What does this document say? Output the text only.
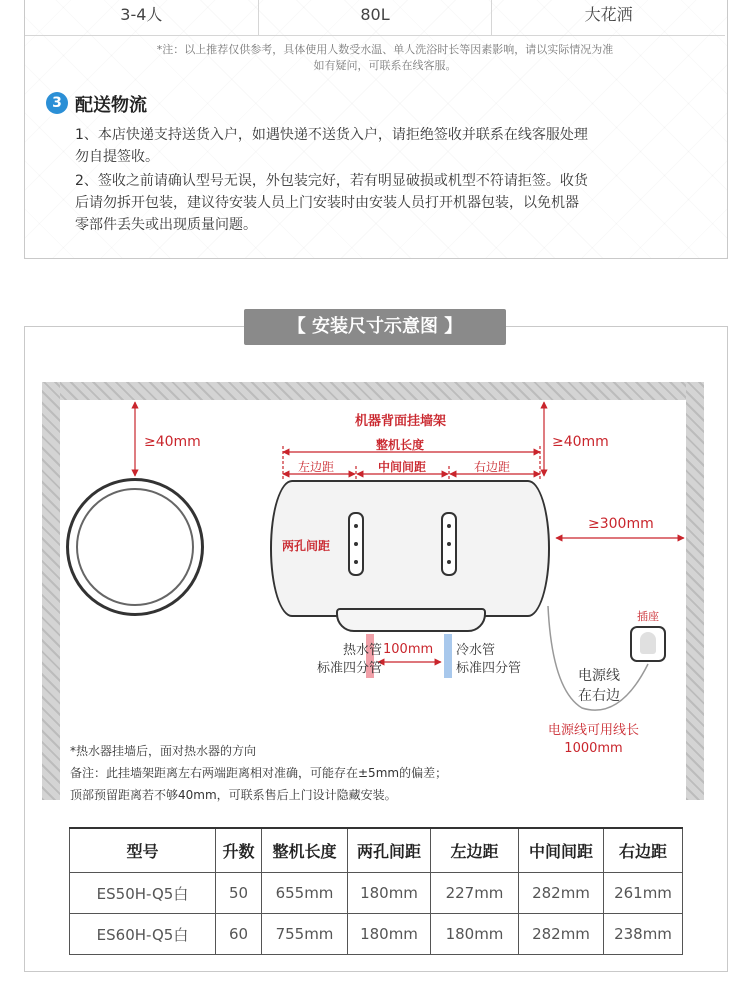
3-4人	80L	大花洒
*注：以上推荐仅供参考，具体使用人数受水温、单人洗浴时长等因素影响，请以实际情况为准
如有疑问，可联系在线客服。
3 配送物流
1、本店快递支持送货入户，如遇快递不送货入户，请拒绝签收并联系在线客服处理
勿自提签收。
2、签收之前请确认型号无误，外包装完好，若有明显破损或机型不符请拒签。收货
后请勿拆开包装，建议待安装人员上门安装时由安装人员打开机器包装，以免机器
零部件丢失或出现质量问题。
【 安装尺寸示意图 】
≥40mm	≥40mm
机器背面挂墙架
整机长度
左边距	中间间距	右边距
两孔间距
≥300mm
热水管
标准四分管
100mm 冷水管
标准四分管
插座
电源线
在右边
电源线可用线长
1000mm
*热水器挂墙后，面对热水器的方向
备注：此挂墙架距离左右两端距离相对准确，可能存在±5mm的偏差；
顶部预留距离若不够40mm，可联系售后上门设计隐藏安装。
型号	升数	整机长度	两孔间距	左边距	中间间距	右边距
ES50H-Q5白	50	655mm	180mm	227mm	282mm	261mm
ES60H-Q5白	60	755mm	180mm	180mm	282mm	238mm
